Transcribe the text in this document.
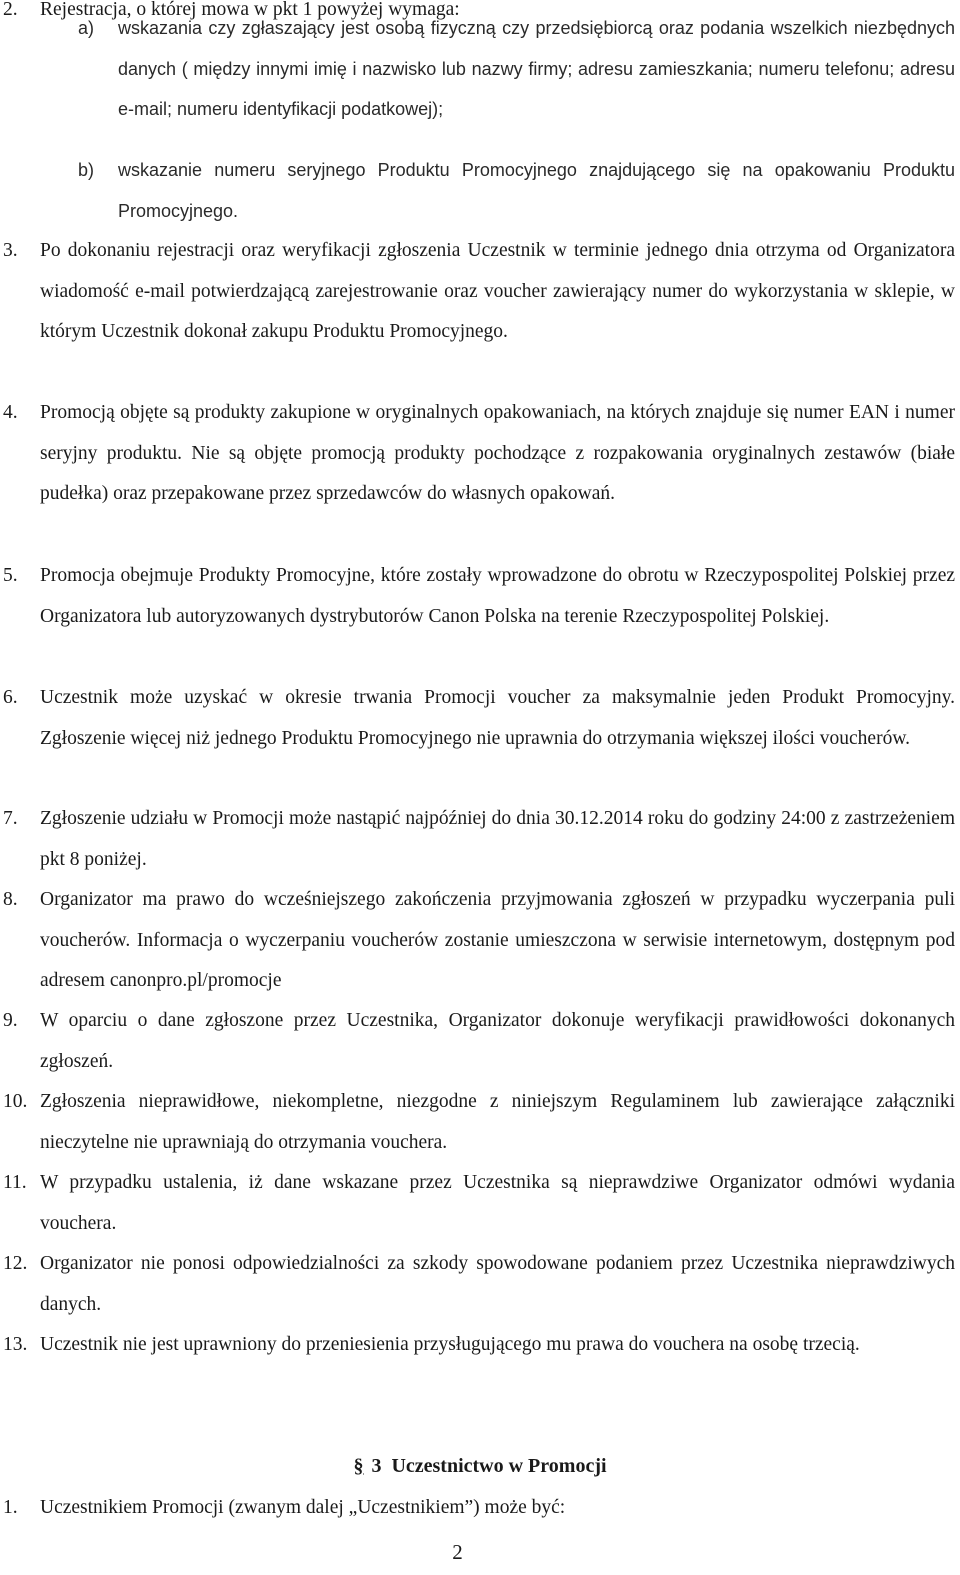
2. Rejestracja, o której mowa w pkt 1 powyżej wymaga:
a) wskazania czy zgłaszający jest osobą fizyczną czy przedsiębiorcą oraz podania wszelkich niezbędnych danych ( między innymi imię i nazwisko lub nazwy firmy; adresu zamieszkania; numeru telefonu; adresu e-mail; numeru identyfikacji podatkowej);
b) wskazanie numeru seryjnego Produktu Promocyjnego znajdującego się na opakowaniu Produktu Promocyjnego.
3. Po dokonaniu rejestracji oraz weryfikacji zgłoszenia Uczestnik w terminie jednego dnia otrzyma od Organizatora wiadomość e-mail potwierdzającą zarejestrowanie oraz voucher zawierający numer do wykorzystania w sklepie, w którym Uczestnik dokonał zakupu Produktu Promocyjnego.
4. Promocją objęte są produkty zakupione w oryginalnych opakowaniach, na których znajduje się numer EAN i numer seryjny produktu. Nie są objęte promocją produkty pochodzące z rozpakowania oryginalnych zestawów (białe pudełka) oraz przepakowane przez sprzedawców do własnych opakowań.
5. Promocja obejmuje Produkty Promocyjne, które zostały wprowadzone do obrotu w Rzeczypospolitej Polskiej przez Organizatora lub autoryzowanych dystrybutorów Canon Polska na terenie Rzeczypospolitej Polskiej.
6. Uczestnik może uzyskać w okresie trwania Promocji voucher za maksymalnie jeden Produkt Promocyjny. Zgłoszenie więcej niż jednego Produktu Promocyjnego nie uprawnia do otrzymania większej ilości voucherów.
7. Zgłoszenie udziału w Promocji może nastąpić najpóźniej do dnia 30.12.2014 roku do godziny 24:00 z zastrzeżeniem pkt 8 poniżej.
8. Organizator ma prawo do wcześniejszego zakończenia przyjmowania zgłoszeń w przypadku wyczerpania puli voucherów. Informacja o wyczerpaniu voucherów zostanie umieszczona w serwisie internetowym, dostępnym pod adresem canonpro.pl/promocje
9. W oparciu o dane zgłoszone przez Uczestnika, Organizator dokonuje weryfikacji prawidłowości dokonanych zgłoszeń.
10. Zgłoszenia nieprawidłowe, niekompletne, niezgodne z niniejszym Regulaminem lub zawierające załączniki nieczytelne nie uprawniają do otrzymania vouchera.
11. W przypadku ustalenia, iż dane wskazane przez Uczestnika są nieprawdziwe Organizator odmówi wydania vouchera.
12. Organizator nie ponosi odpowiedzialności za szkody spowodowane podaniem przez Uczestnika nieprawdziwych danych.
13. Uczestnik nie jest uprawniony do przeniesienia przysługującego mu prawa do vouchera na osobę trzecią.
§ 3 Uczestnictwo w Promocji
1. Uczestnikiem Promocji (zwanym dalej „Uczestnikiem”) może być:
2
